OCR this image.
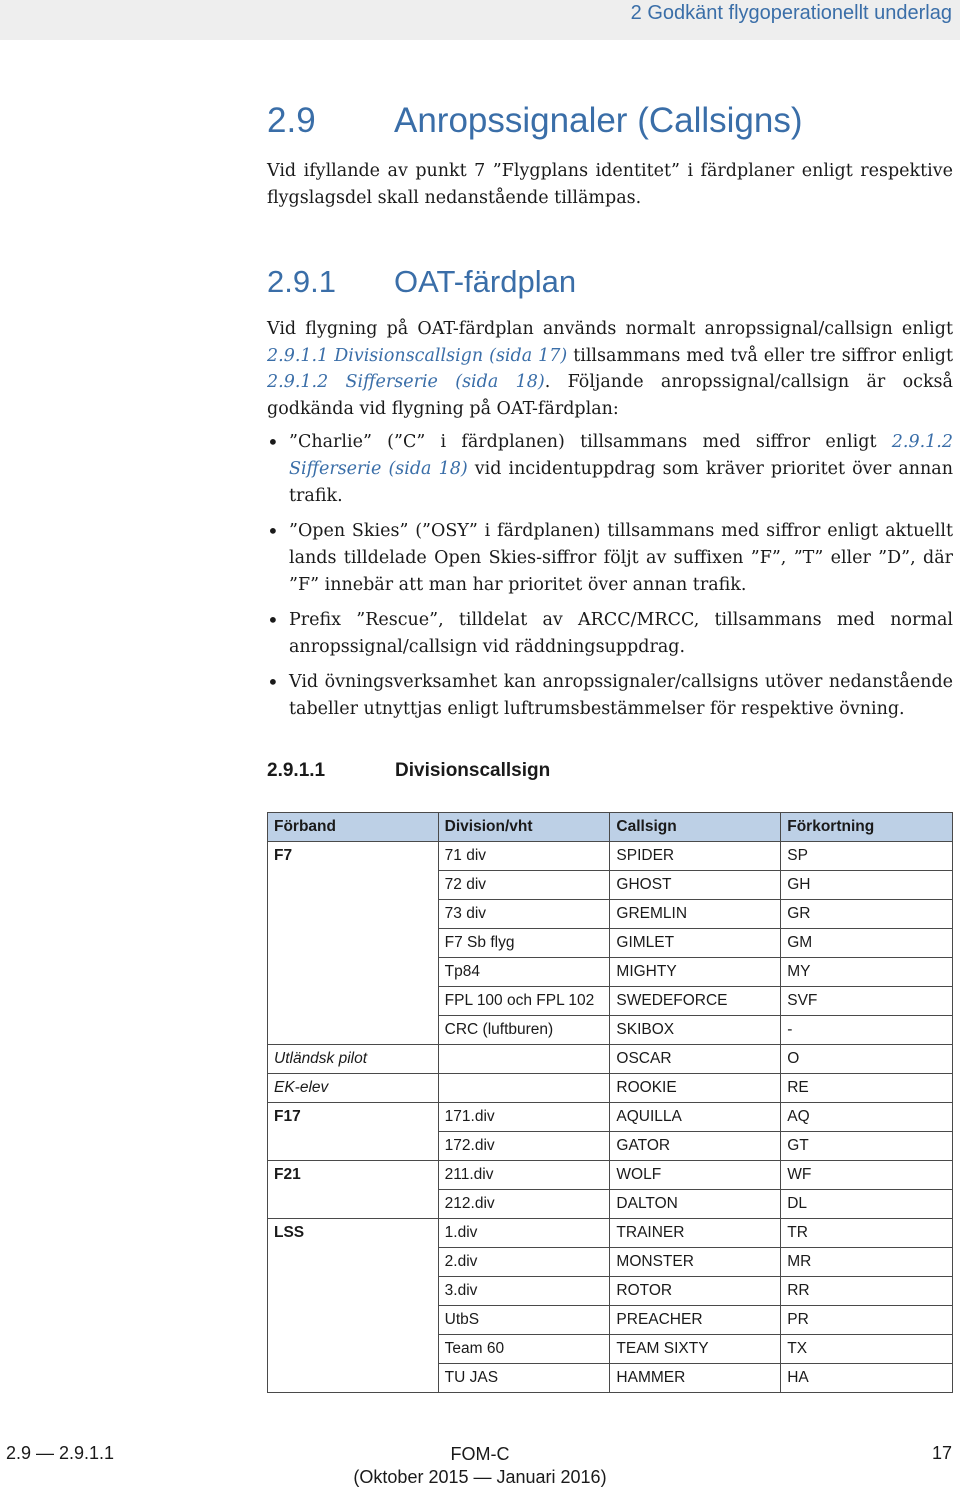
2 Godkänt flygoperationellt underlag
2.9 Anropssignaler (Callsigns)

Vid ifyllande av punkt 7 ”Flygplans identitet” i färdplaner enligt respektive flygslagsdel skall nedanstående tillämpas.

2.9.1 OAT-färdplan

Vid flygning på OAT-färdplan används normalt anropssignal/callsign enligt 2.9.1.1 Divisionscallsign (sida 17) tillsammans med två eller tre siffror enligt 2.9.1.2 Sifferserie (sida 18). Följande anropssignal/callsign är också godkända vid flygning på OAT-färdplan:

• ”Charlie” (”C” i färdplanen) tillsammans med siffror enligt 2.9.1.2 Sifferserie (sida 18) vid incidentuppdrag som kräver prioritet över annan trafik.
• ”Open Skies” (”OSY” i färdplanen) tillsammans med siffror enligt aktuellt lands tilldelade Open Skies-siffror följt av suffixen ”F”, ”T” eller ”D”, där ”F” innebär att man har prioritet över annan trafik.
• Prefix ”Rescue”, tilldelat av ARCC/MRCC, tillsammans med normal anropssignal/callsign vid räddningsuppdrag.
• Vid övningsverksamhet kan anropssignaler/callsigns utöver nedanstående tabeller utnyttjas enligt luftrumsbestämmelser för respektive övning.
2.9.1.1	Divisionscallsign
Förband	Division/vht	Callsign	Förkortning
F7	71 div	SPIDER	SP
	72 div	GHOST	GH
	73 div	GREMLIN	GR
	F7 Sb flyg	GIMLET	GM
	Tp84	MIGHTY	MY
	FPL 100 och FPL 102	SWEDEFORCE	SVF
	CRC (luftburen)	SKIBOX	-
Utländsk pilot		OSCAR	O
EK-elev		ROOKIE	RE
F17	171.div	AQUILLA	AQ
	172.div	GATOR	GT
F21	211.div	WOLF	WF
	212.div	DALTON	DL
LSS	1.div	TRAINER	TR
	2.div	MONSTER	MR
	3.div	ROTOR	RR
	UtbS	PREACHER	PR
	Team 60	TEAM SIXTY	TX
	TU JAS	HAMMER	HA
2.9 — 2.9.1.1	FOM-C
(Oktober 2015 — Januari 2016)
17
